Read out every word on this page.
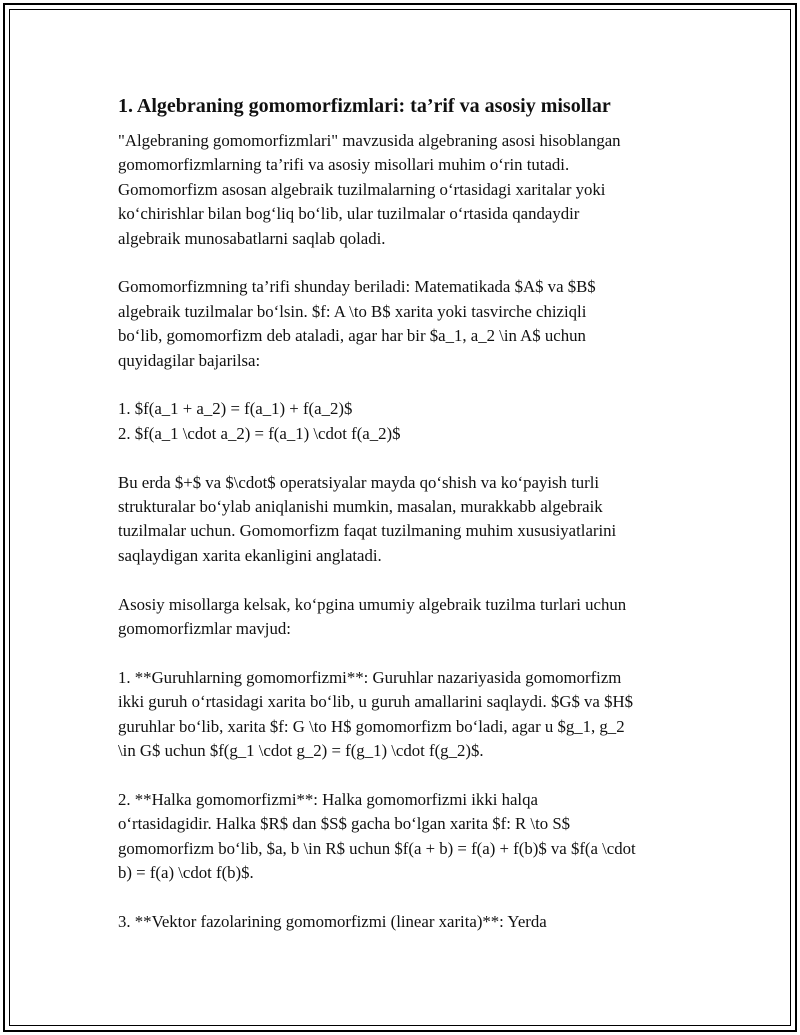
1. Algebraning gomomorfizmlari: ta’rif va asosiy misollar
"Algebraning gomomorfizmlari" mavzusida algebraning asosi hisoblangan
gomomorfizmlarning ta’rifi va asosiy misollari muhim o‘rin tutadi.
Gomomorfizm asosan algebraik tuzilmalarning o‘rtasidagi xaritalar yoki
ko‘chirishlar bilan bog‘liq bo‘lib, ular tuzilmalar o‘rtasida qandaydir
algebraik munosabatlarni saqlab qoladi.
Gomomorfizmning ta’rifi shunday beriladi: Matematikada $A$ va $B$
algebraik tuzilmalar bo‘lsin. $f: A \to B$ xarita yoki tasvirche chiziqli
bo‘lib, gomomorfizm deb ataladi, agar har bir $a_1, a_2 \in A$ uchun
quyidagilar bajarilsa:
1. $f(a_1 + a_2) = f(a_1) + f(a_2)$
2. $f(a_1 \cdot a_2) = f(a_1) \cdot f(a_2)$
Bu erda $+$ va $\cdot$ operatsiyalar mayda qo‘shish va ko‘payish turli
strukturalar bo‘ylab aniqlanishi mumkin, masalan, murakkabb algebraik
tuzilmalar uchun. Gomomorfizm faqat tuzilmaning muhim xususiyatlarini
saqlaydigan xarita ekanligini anglatadi.
Asosiy misollarga kelsak, ko‘pgina umumiy algebraik tuzilma turlari uchun
gomomorfizmlar mavjud:
1. **Guruhlarning gomomorfizmi**: Guruhlar nazariyasida gomomorfizm
ikki guruh o‘rtasidagi xarita bo‘lib, u guruh amallarini saqlaydi. $G$ va $H$
guruhlar bo‘lib, xarita $f: G \to H$ gomomorfizm bo‘ladi, agar u $g_1, g_2
\in G$ uchun $f(g_1 \cdot g_2) = f(g_1) \cdot f(g_2)$.
2. **Halka gomomorfizmi**: Halka gomomorfizmi ikki halqa
o‘rtasidagidir. Halka $R$ dan $S$ gacha bo‘lgan xarita $f: R \to S$
gomomorfizm bo‘lib, $a, b \in R$ uchun $f(a + b) = f(a) + f(b)$ va $f(a \cdot
b) = f(a) \cdot f(b)$.
3. **Vektor fazolarining gomomorfizmi (linear xarita)**: Yerda
